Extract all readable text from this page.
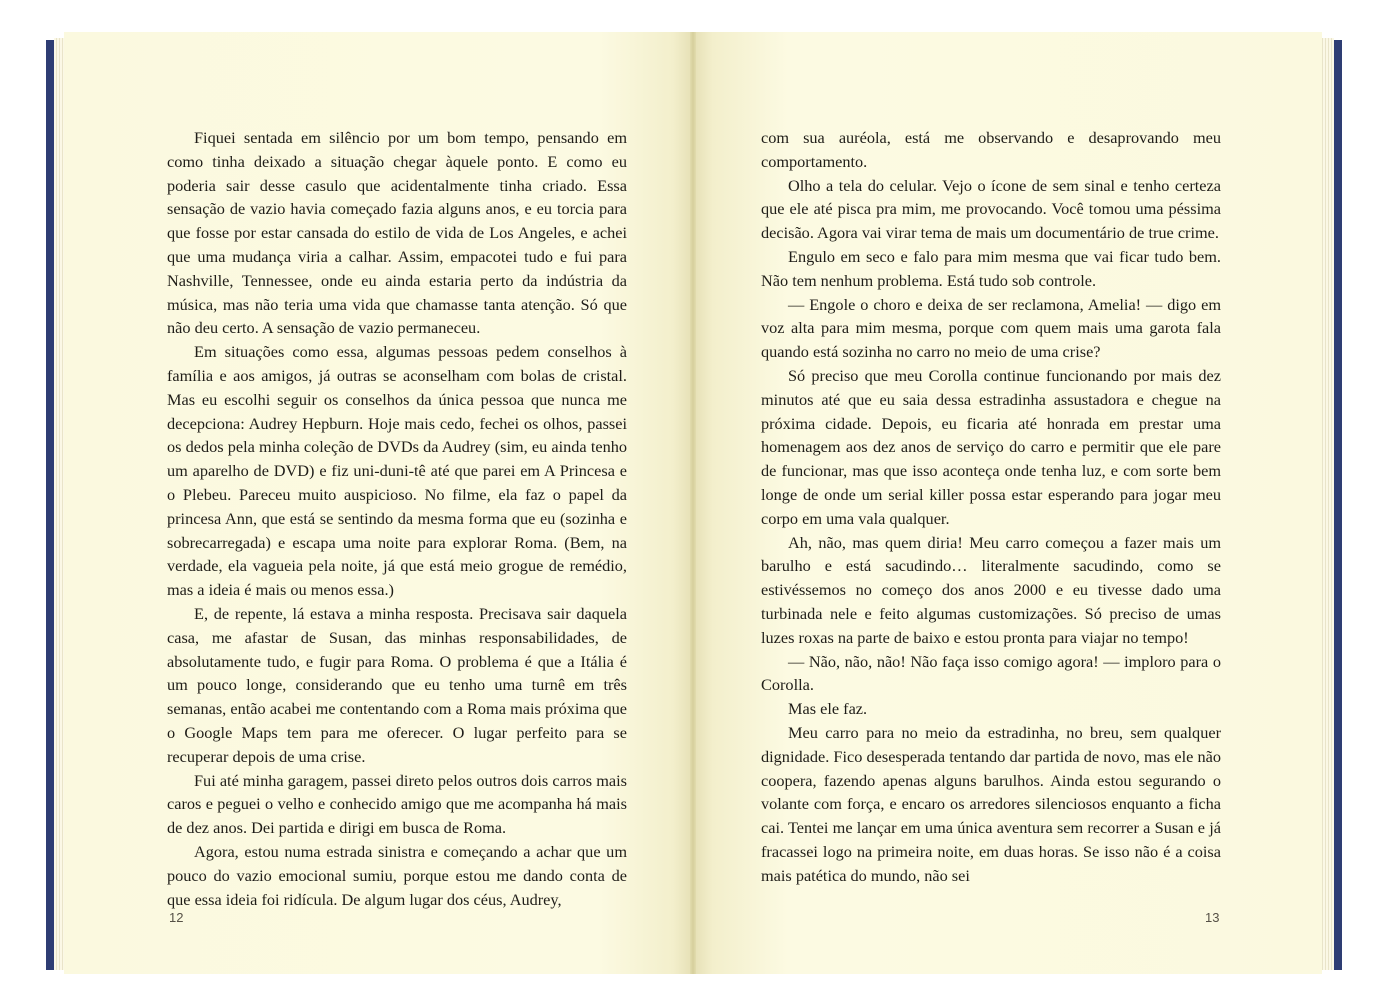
Fiquei sentada em silêncio por um bom tempo, pensando em como tinha deixado a situação chegar àquele ponto. E como eu poderia sair desse casulo que acidentalmente tinha criado. Essa sensação de vazio havia começado fazia alguns anos, e eu torcia para que fosse por estar cansada do estilo de vida de Los Angeles, e achei que uma mudança viria a calhar. Assim, empacotei tudo e fui para Nashville, Tennessee, onde eu ainda estaria perto da indústria da música, mas não teria uma vida que chamasse tanta atenção. Só que não deu certo. A sensação de vazio permaneceu.

Em situações como essa, algumas pessoas pedem conselhos à família e aos amigos, já outras se aconselham com bolas de cristal. Mas eu escolhi seguir os conselhos da única pessoa que nunca me decepciona: Audrey Hepburn. Hoje mais cedo, fechei os olhos, passei os dedos pela minha coleção de DVDs da Audrey (sim, eu ainda tenho um aparelho de DVD) e fiz uni-duni-tê até que parei em A Princesa e o Plebeu. Pareceu muito auspicioso. No filme, ela faz o papel da princesa Ann, que está se sentindo da mesma forma que eu (sozinha e sobrecarregada) e escapa uma noite para explorar Roma. (Bem, na verdade, ela vagueia pela noite, já que está meio grogue de remédio, mas a ideia é mais ou menos essa.)

E, de repente, lá estava a minha resposta. Precisava sair daquela casa, me afastar de Susan, das minhas responsabilidades, de absolutamente tudo, e fugir para Roma. O problema é que a Itália é um pouco longe, considerando que eu tenho uma turnê em três semanas, então acabei me contentando com a Roma mais próxima que o Google Maps tem para me oferecer. O lugar perfeito para se recuperar depois de uma crise.

Fui até minha garagem, passei direto pelos outros dois carros mais caros e peguei o velho e conhecido amigo que me acompanha há mais de dez anos. Dei partida e dirigi em busca de Roma.

Agora, estou numa estrada sinistra e começando a achar que um pouco do vazio emocional sumiu, porque estou me dando conta de que essa ideia foi ridícula. De algum lugar dos céus, Audrey,

12

com sua auréola, está me observando e desaprovando meu comportamento.

Olho a tela do celular. Vejo o ícone de sem sinal e tenho certeza que ele até pisca pra mim, me provocando. Você tomou uma péssima decisão. Agora vai virar tema de mais um documentário de true crime.

Engulo em seco e falo para mim mesma que vai ficar tudo bem. Não tem nenhum problema. Está tudo sob controle.

— Engole o choro e deixa de ser reclamona, Amelia! — digo em voz alta para mim mesma, porque com quem mais uma garota fala quando está sozinha no carro no meio de uma crise?

Só preciso que meu Corolla continue funcionando por mais dez minutos até que eu saia dessa estradinha assustadora e chegue na próxima cidade. Depois, eu ficaria até honrada em prestar uma homenagem aos dez anos de serviço do carro e permitir que ele pare de funcionar, mas que isso aconteça onde tenha luz, e com sorte bem longe de onde um serial killer possa estar esperando para jogar meu corpo em uma vala qualquer.

Ah, não, mas quem diria! Meu carro começou a fazer mais um barulho e está sacudindo… literalmente sacudindo, como se estivéssemos no começo dos anos 2000 e eu tivesse dado uma turbinada nele e feito algumas customizações. Só preciso de umas luzes roxas na parte de baixo e estou pronta para viajar no tempo!

— Não, não, não! Não faça isso comigo agora! — imploro para o Corolla.

Mas ele faz.

Meu carro para no meio da estradinha, no breu, sem qualquer dignidade. Fico desesperada tentando dar partida de novo, mas ele não coopera, fazendo apenas alguns barulhos. Ainda estou segurando o volante com força, e encaro os arredores silenciosos enquanto a ficha cai. Tentei me lançar em uma única aventura sem recorrer a Susan e já fracassei logo na primeira noite, em duas horas. Se isso não é a coisa mais patética do mundo, não sei

13
